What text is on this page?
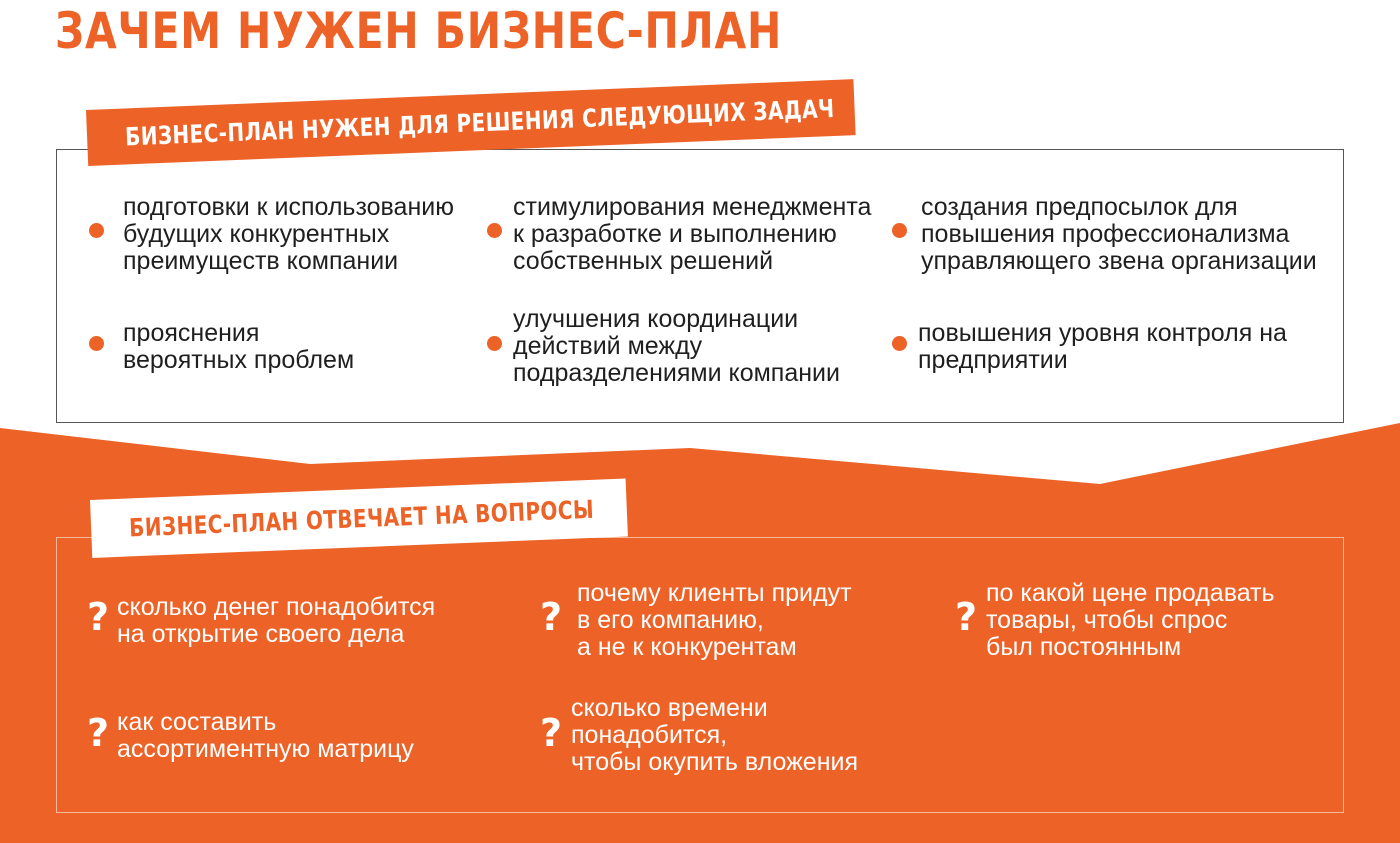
ЗАЧЕМ НУЖЕН БИЗНЕС-ПЛАН
подготовки к использованию
будущих конкурентных
преимуществ компании
стимулирования менеджмента
к разработке и выполнению
собственных решений
создания предпосылок для
повышения профессионализма
управляющего звена организации
прояснения
вероятных проблем
улучшения координации
действий между
подразделениями компании
повышения уровня контроля на
предприятии
БИЗНЕС-ПЛАН НУЖЕН ДЛЯ РЕШЕНИЯ СЛЕДУЮЩИХ ЗАДАЧ
? сколько денег понадобится
на открытие своего дела	?
почему клиенты придут
в его компанию,
а не к конкурентам
?
по какой цене продавать
товары, чтобы спрос
был постоянным
? как составить
ассортиментную матрицу	?
сколько времени
понадобится,
чтобы окупить вложения
БИЗНЕС-ПЛАН ОТВЕЧАЕТ НА ВОПРОСЫ
